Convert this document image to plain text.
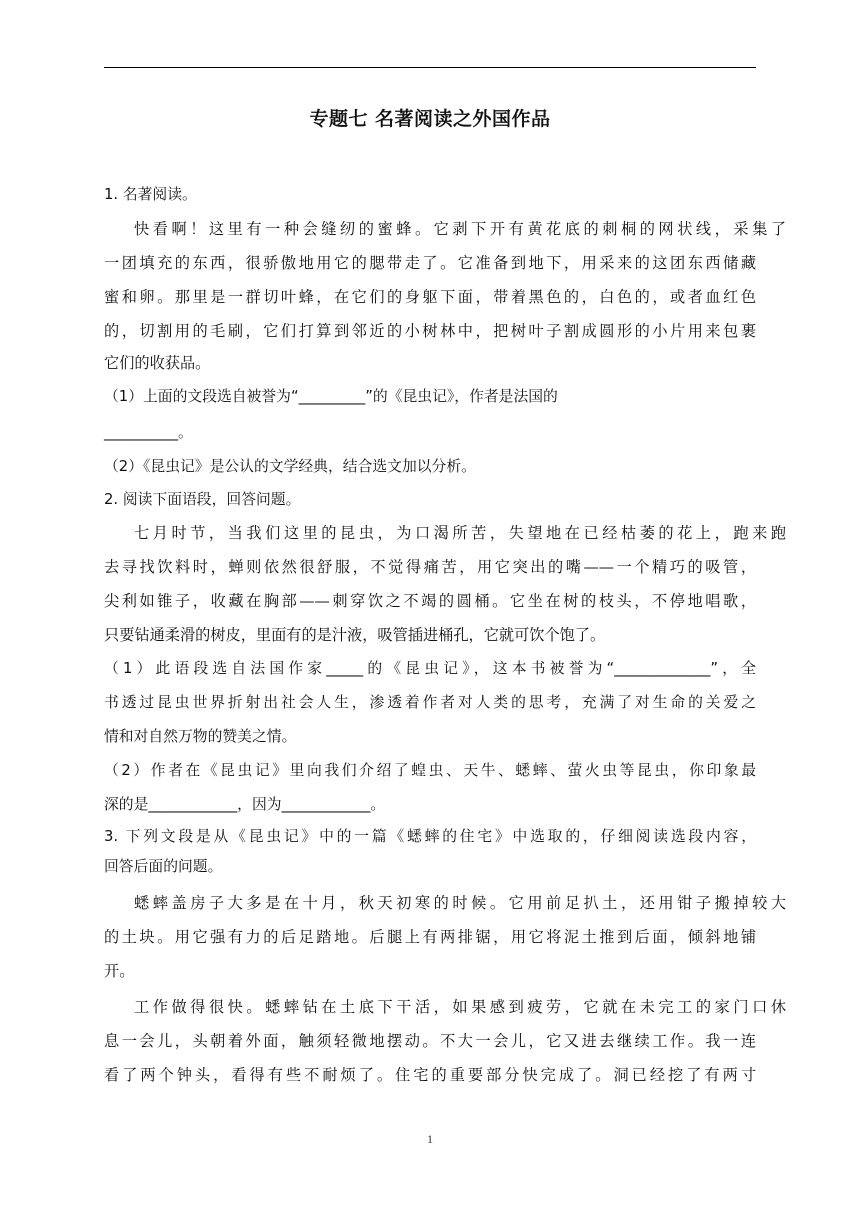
专题七 名著阅读之外国作品
1. 名著阅读。
快看啊！这里有一种会缝纫的蜜蜂。它剥下开有黄花底的刺桐的网状线，采集了
一团填充的东西，很骄傲地用它的腮带走了。它准备到地下，用采来的这团东西储藏
蜜和卵。那里是一群切叶蜂，在它们的身躯下面，带着黑色的，白色的，或者血红色
的，切割用的毛刷，它们打算到邻近的小树林中，把树叶子割成圆形的小片用来包裹
它们的收获品。
（1）上面的文段选自被誉为“_________”的《昆虫记》，作者是法国的
__________。
（2）《昆虫记》是公认的文学经典，结合选文加以分析。
2. 阅读下面语段，回答问题。
七月时节，当我们这里的昆虫，为口渴所苦，失望地在已经枯萎的花上，跑来跑
去寻找饮料时，蝉则依然很舒服，不觉得痛苦，用它突出的嘴——一个精巧的吸管，
尖利如锥子，收藏在胸部——刺穿饮之不竭的圆桶。它坐在树的枝头，不停地唱歌，
只要钻通柔滑的树皮，里面有的是汁液，吸管插进桶孔，它就可饮个饱了。
（1）此语段选自法国作家_____的《昆虫记》，这本书被誉为“_____________”，全
书透过昆虫世界折射出社会人生，渗透着作者对人类的思考，充满了对生命的关爱之
情和对自然万物的赞美之情。
（2）作者在《昆虫记》里向我们介绍了蝗虫、天牛、蟋蟀、萤火虫等昆虫，你印象最
深的是____________，因为____________。
3. 下列文段是从《昆虫记》中的一篇《蟋蟀的住宅》中选取的，仔细阅读选段内容，
回答后面的问题。
蟋蟀盖房子大多是在十月，秋天初寒的时候。它用前足扒土，还用钳子搬掉较大
的土块。用它强有力的后足踏地。后腿上有两排锯，用它将泥土推到后面，倾斜地铺
开。
工作做得很快。蟋蟀钻在土底下干活，如果感到疲劳，它就在未完工的家门口休
息一会儿，头朝着外面，触须轻微地摆动。不大一会儿，它又进去继续工作。我一连
看了两个钟头，看得有些不耐烦了。住宅的重要部分快完成了。洞已经挖了有两寸
1
